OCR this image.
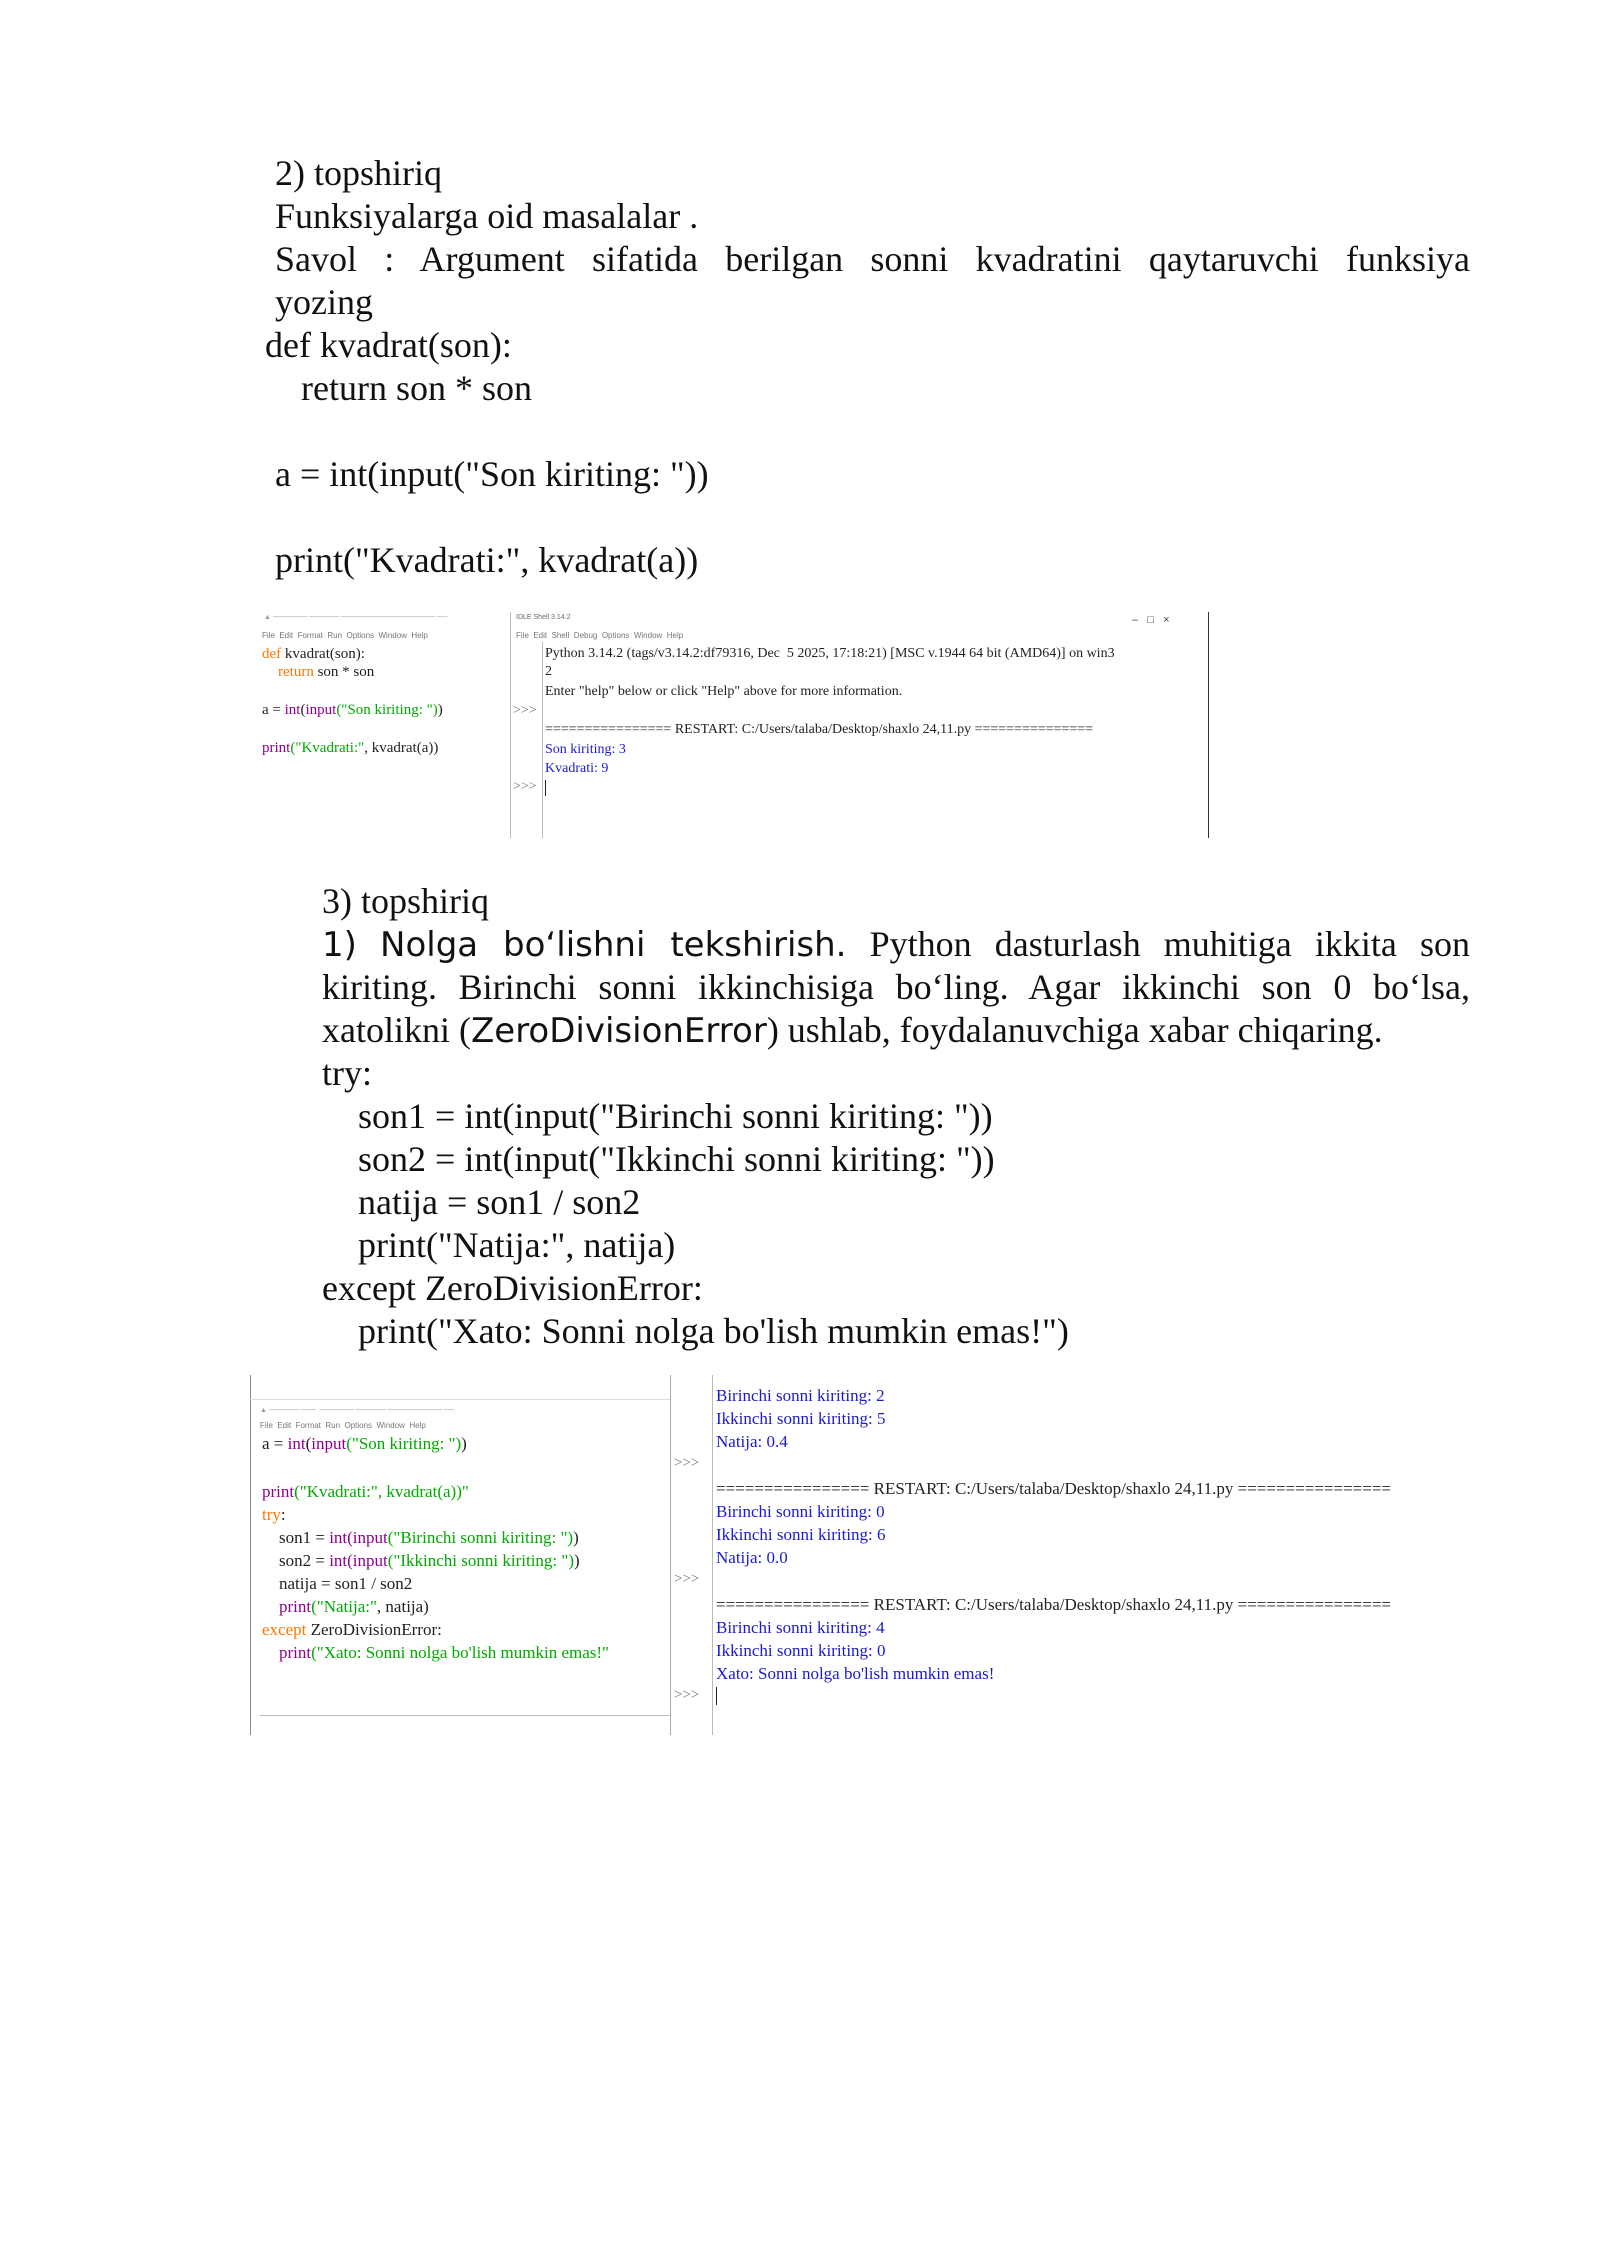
2) topshiriq
Funksiyalarga oid masalalar .
Savol : Argument sifatida berilgan sonni kvadratini qaytaruvchi funksiya
yozing
def kvadrat(son):
return son * son
a = int(input("Son kiriting: "))
print("Kvadrati:", kvadrat(a))
▲ ─────── ────── ─────────────────── ──
File  Edit  Format  Run  Options  Window  Help
def kvadrat(son):
return son * son
a = int(input("Son kiriting: "))
print("Kvadrati:", kvadrat(a))
IDLE Shell 3.14.2	–   □   ×
File  Edit  Shell  Debug  Options  Window  Help
Python 3.14.2 (tags/v3.14.2:df79316, Dec  5 2025, 17:18:21) [MSC v.1944 64 bit (AMD64)] on win3
2
Enter "help" below or click "Help" above for more information.
>>>
================ RESTART: C:/Users/talaba/Desktop/shaxlo 24,11.py ===============
Son kiriting: 3
Kvadrati: 9
>>>
3) topshiriq
1) Nolga bo‘lishni tekshirish. Python dasturlash muhitiga ikkita son
kiriting. Birinchi sonni ikkinchisiga bo‘ling. Agar ikkinchi son 0 bo‘lsa,
xatolikni (ZeroDivisionError) ushlab, foydalanuvchiga xabar chiqaring.
try:
son1 = int(input("Birinchi sonni kiriting: "))
son2 = int(input("Ikkinchi sonni kiriting: "))
natija = son1 / son2
print("Natija:", natija)
except ZeroDivisionError:
print("Xato: Sonni nolga bo'lish mumkin emas!")
▲ ────── ───  ─────── ────── ─────────── ──
File  Edit  Format  Run  Options  Window  Help
a = int(input("Son kiriting: "))
print("Kvadrati:", kvadrat(a))"
try:
son1 = int(input("Birinchi sonni kiriting: "))
son2 = int(input("Ikkinchi sonni kiriting: "))
natija = son1 / son2
print("Natija:", natija)
except ZeroDivisionError:
print("Xato: Sonni nolga bo'lish mumkin emas!"
Birinchi sonni kiriting: 2
Ikkinchi sonni kiriting: 5
Natija: 0.4
>>>
================ RESTART: C:/Users/talaba/Desktop/shaxlo 24,11.py ================
Birinchi sonni kiriting: 0
Ikkinchi sonni kiriting: 6
Natija: 0.0
>>>
================ RESTART: C:/Users/talaba/Desktop/shaxlo 24,11.py ================
Birinchi sonni kiriting: 4
Ikkinchi sonni kiriting: 0
Xato: Sonni nolga bo'lish mumkin emas!
>>>
